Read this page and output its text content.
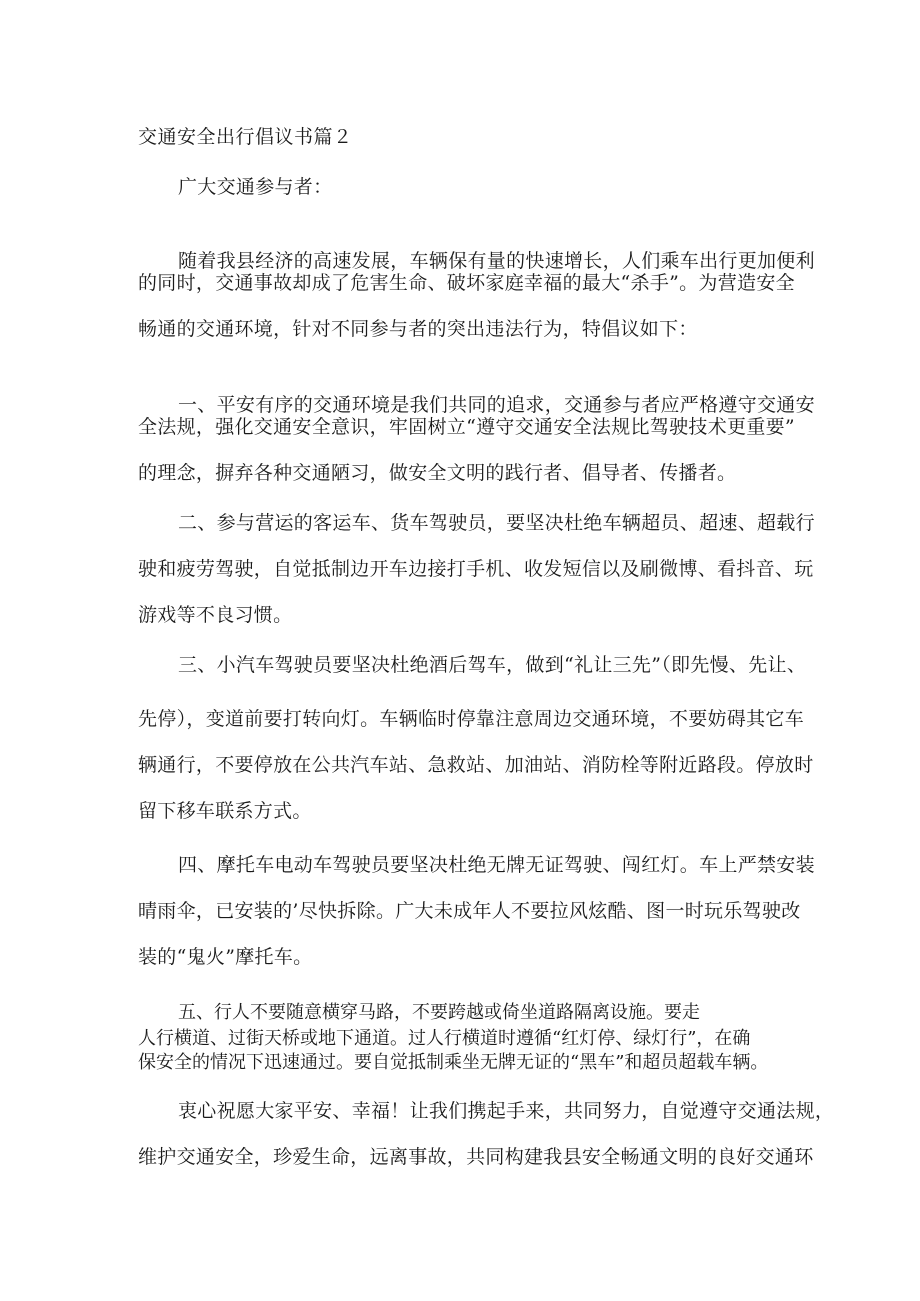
交通安全出行倡议书篇２
广大交通参与者：
随着我县经济的高速发展，车辆保有量的快速增长，人们乘车出行更加便利
的同时，交通事故却成了危害生命、破坏家庭幸福的最大“杀手”。为营造安全
畅通的交通环境，针对不同参与者的突出违法行为，特倡议如下：
一、平安有序的交通环境是我们共同的追求，交通参与者应严格遵守交通安
全法规，强化交通安全意识，牢固树立“遵守交通安全法规比驾驶技术更重要”
的理念，摒弃各种交通陋习，做安全文明的践行者、倡导者、传播者。
二、参与营运的客运车、货车驾驶员，要坚决杜绝车辆超员、超速、超载行
驶和疲劳驾驶，自觉抵制边开车边接打手机、收发短信以及刷微博、看抖音、玩
游戏等不良习惯。
三、小汽车驾驶员要坚决杜绝酒后驾车，做到“礼让三先”（即先慢、先让、
先停），变道前要打转向灯。车辆临时停靠注意周边交通环境，不要妨碍其它车
辆通行，不要停放在公共汽车站、急救站、加油站、消防栓等附近路段。停放时
留下移车联系方式。
四、摩托车电动车驾驶员要坚决杜绝无牌无证驾驶、闯红灯。车上严禁安装
晴雨伞，已安装的’尽快拆除。广大未成年人不要拉风炫酷、图一时玩乐驾驶改
装的“鬼火”摩托车。
五、行人不要随意横穿马路，不要跨越或倚坐道路隔离设施。要走
人行横道、过街天桥或地下通道。过人行横道时遵循“红灯停、绿灯行”，在确
保安全的情况下迅速通过。要自觉抵制乘坐无牌无证的“黑车”和超员超载车辆。
衷心祝愿大家平安、幸福！让我们携起手来，共同努力，自觉遵守交通法规，
维护交通安全，珍爱生命，远离事故，共同构建我县安全畅通文明的良好交通环
